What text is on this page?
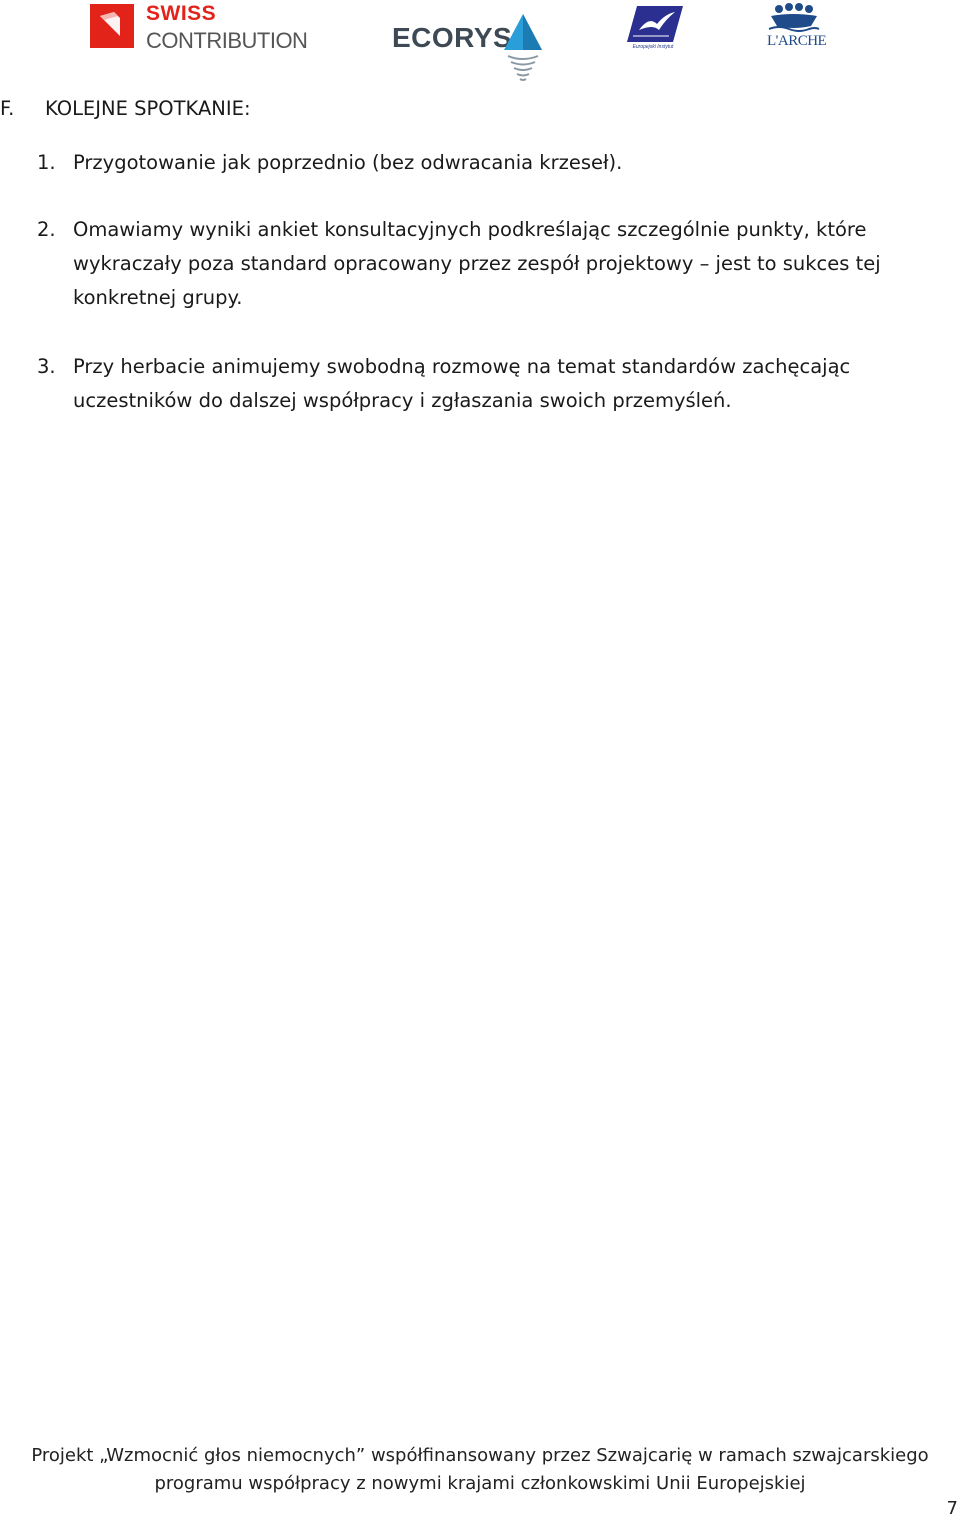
SWISS
CONTRIBUTION	ECORYS	Europejski Instytut	L'ARCHE
F. KOLEJNE SPOTKANIE:
1. Przygotowanie jak poprzednio (bez odwracania krzeseł).
2. Omawiamy wyniki ankiet konsultacyjnych podkreślając szczególnie punkty, które wykraczały poza standard opracowany przez zespół projektowy – jest to sukces tej konkretnej grupy.
3. Przy herbacie animujemy swobodną rozmowę na temat standardów zachęcając uczestników do dalszej współpracy i zgłaszania swoich przemyśleń.
Projekt „Wzmocnić głos niemocnych” współfinansowany przez Szwajcarię w ramach szwajcarskiego
programu współpracy z nowymi krajami członkowskimi Unii Europejskiej
7
